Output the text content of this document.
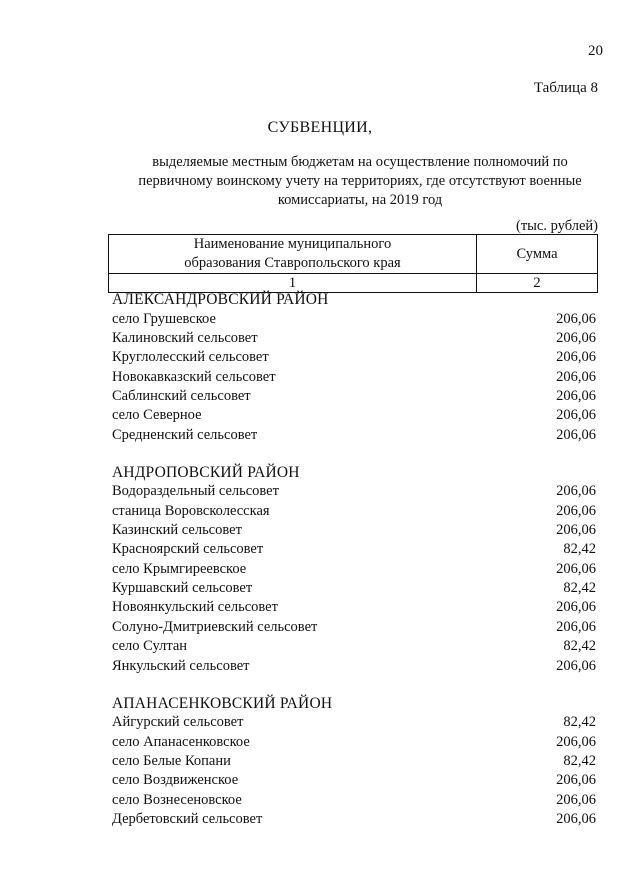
20
Таблица 8
СУБВЕНЦИИ,
выделяемые местным бюджетам на осуществление полномочий по
первичному воинскому учету на территориях, где отсутствуют военные
комиссариаты, на 2019 год
(тыс. рублей)
Наименование муниципального
образования Ставропольского края	Сумма
1	2
АЛЕКСАНДРОВСКИЙ РАЙОН
село Грушевское	206,06
Калиновский сельсовет	206,06
Круглолесский сельсовет	206,06
Новокавказский сельсовет	206,06
Саблинский сельсовет	206,06
село Северное	206,06
Средненский сельсовет	206,06
АНДРОПОВСКИЙ РАЙОН
Водораздельный сельсовет	206,06
станица Воровсколесская	206,06
Казинский сельсовет	206,06
Красноярский сельсовет	82,42
село Крымгиреевское	206,06
Куршавский сельсовет	82,42
Новоянкульский сельсовет	206,06
Солуно-Дмитриевский сельсовет	206,06
село Султан	82,42
Янкульский сельсовет	206,06
АПАНАСЕНКОВСКИЙ РАЙОН
Айгурский сельсовет	82,42
село Апанасенковское	206,06
село Белые Копани	82,42
село Воздвиженское	206,06
село Вознесеновское	206,06
Дербетовский сельсовет	206,06
